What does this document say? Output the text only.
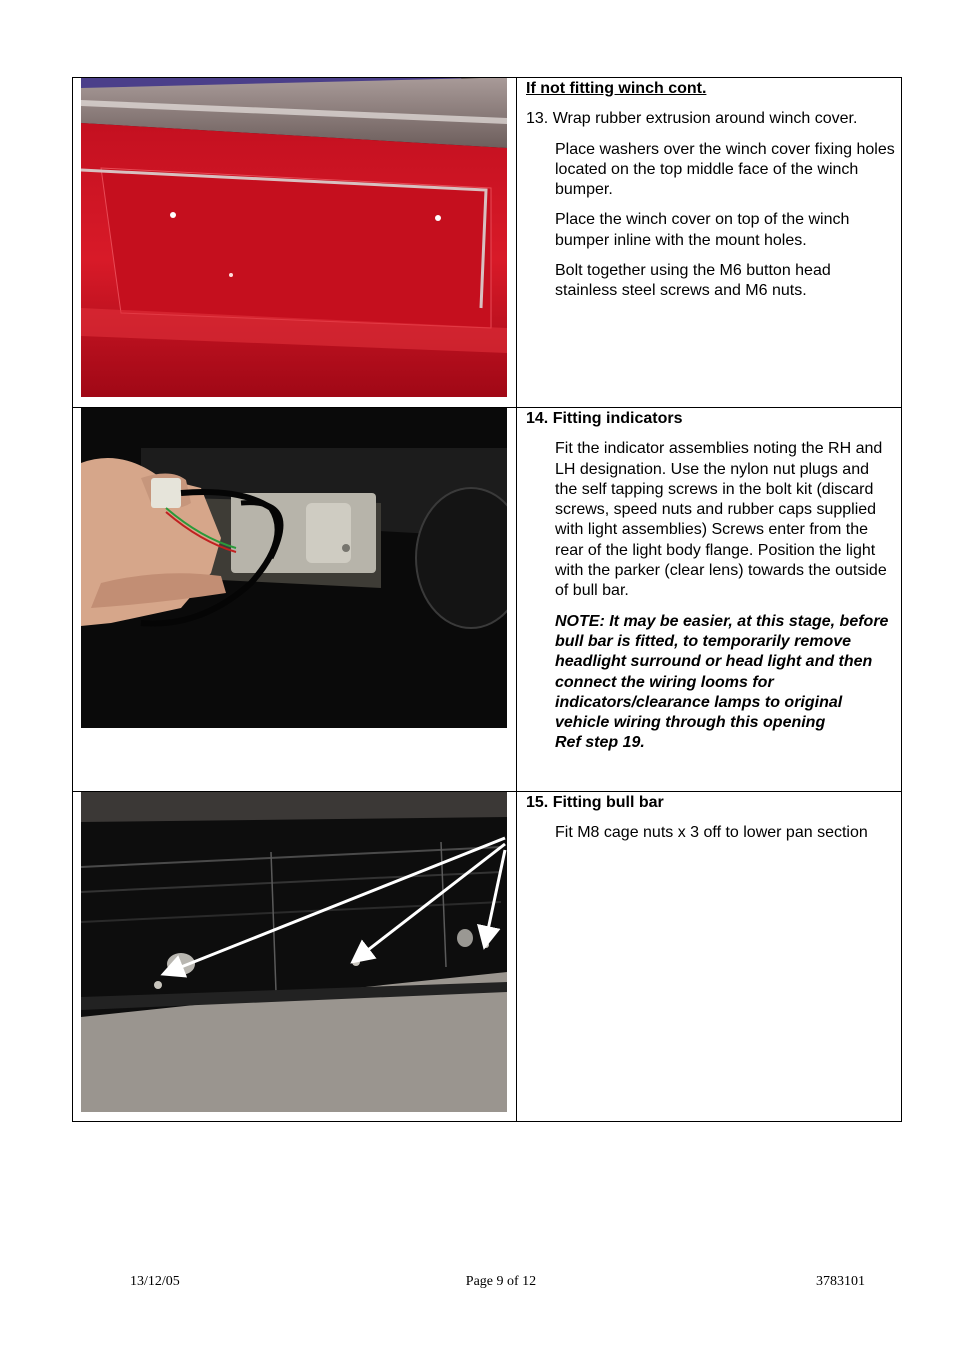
If not fitting winch cont.

13. Wrap rubber extrusion around winch cover.

Place washers over the winch cover fixing holes located on the top middle face of the winch bumper.

Place the winch cover on top of the winch bumper inline with the mount holes.

Bolt together using the M6 button head stainless steel screws and M6 nuts.

14. Fitting indicators

Fit the indicator assemblies noting the RH and LH designation. Use the nylon nut plugs and the self tapping screws in the bolt kit (discard screws, speed nuts and rubber caps supplied with light assemblies) Screws enter from the rear of the light body flange. Position the light with the parker (clear lens) towards the outside of bull bar.

NOTE: It may be easier, at this stage, before bull bar is fitted, to temporarily remove headlight surround or head light and then connect the wiring looms for indicators/clearance lamps to original vehicle wiring through this opening
Ref step 19.

15. Fitting bull bar

Fit M8 cage nuts x 3 off to lower pan section

13/12/05	Page 9 of 12	3783101
